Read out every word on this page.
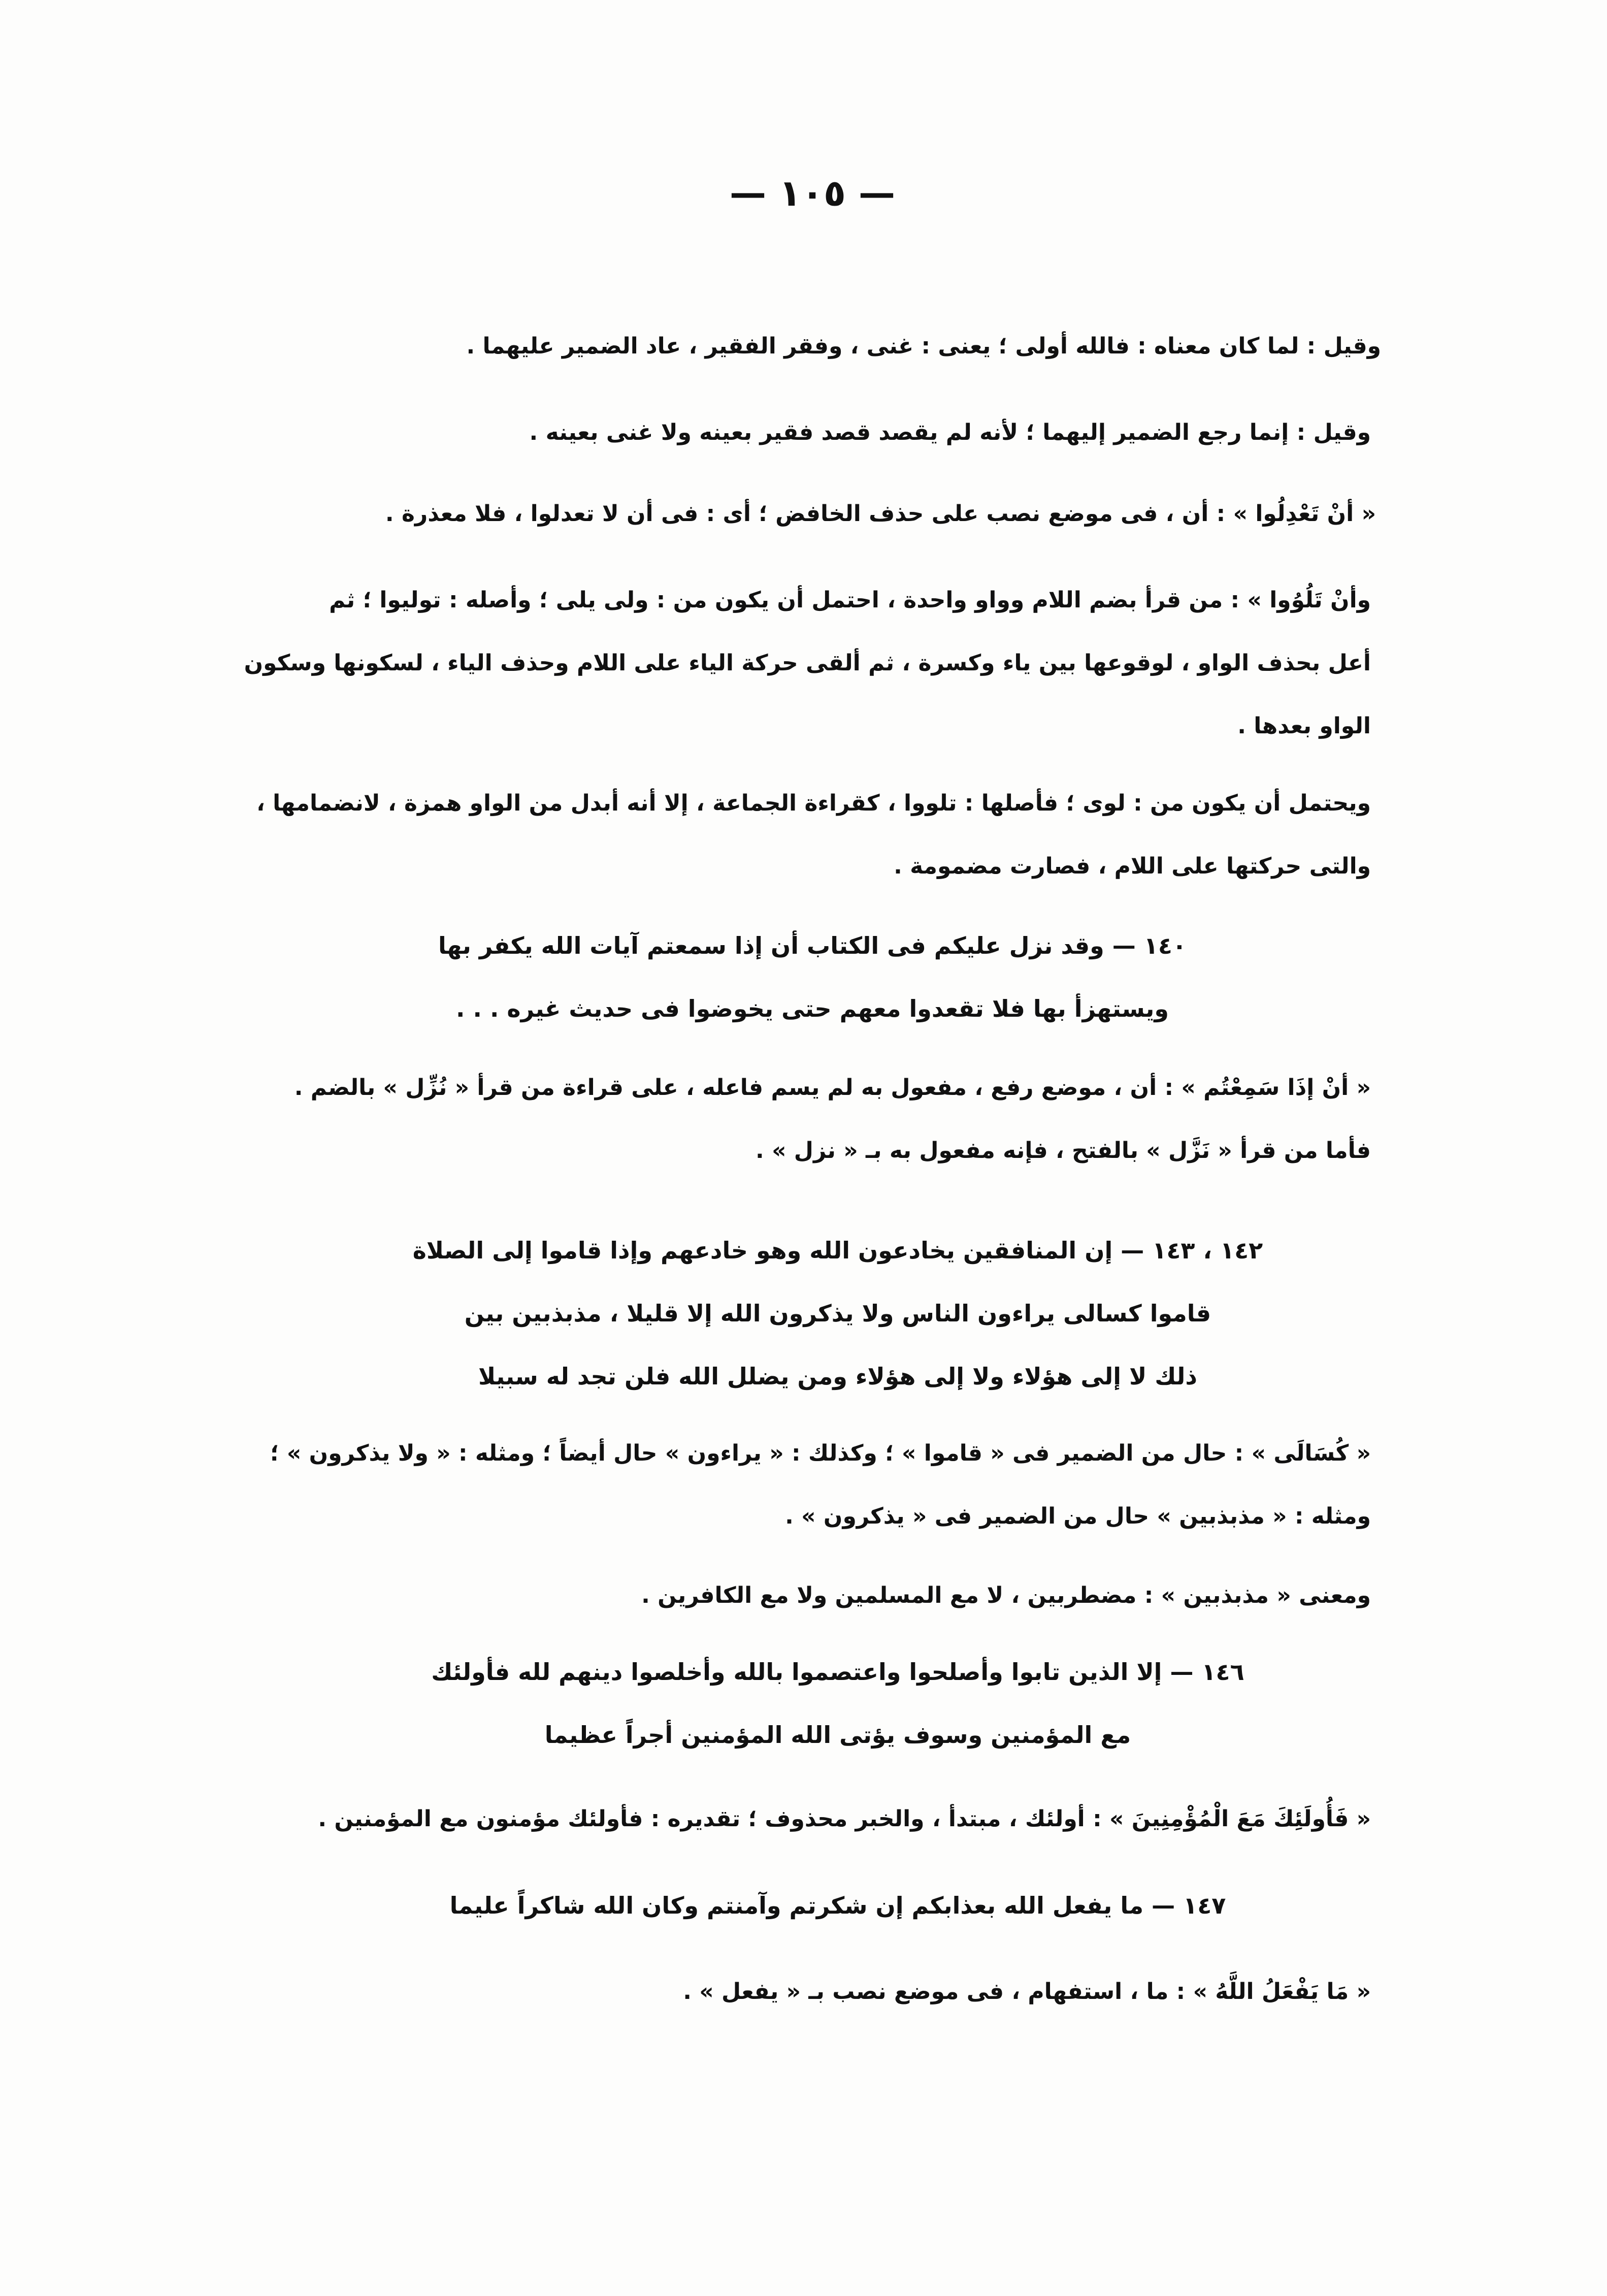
— ١٠٥ —
وقيل : لما كان معناه : فالله أولى ؛ يعنى : غنى ، وفقر الفقير ، عاد الضمير عليهما .
وقيل : إنما رجع الضمير إليهما ؛ لأنه لم يقصد قصد فقير بعينه ولا غنى بعينه .
« أنْ تَعْدِلُوا » : أن ، فى موضع نصب على حذف الخافض ؛ أى : فى أن لا تعدلوا ، فلا معذرة .
وأنْ تَلُوُوا » : من قرأ بضم اللام وواو واحدة ، احتمل أن يكون من : ولى يلى ؛ وأصله : توليوا ؛ ثم
أعل بحذف الواو ، لوقوعها بين ياء وكسرة ، ثم ألقى حركة الياء على اللام وحذف الياء ، لسكونها وسكون
الواو بعدها .
ويحتمل أن يكون من : لوى ؛ فأصلها : تلووا ، كقراءة الجماعة ، إلا أنه أبدل من الواو همزة ، لانضمامها ،
والتى حركتها على اللام ، فصارت مضمومة .
١٤٠ — وقد نزل عليكم فى الكتاب أن إذا سمعتم آيات الله يكفر بها
ويستهزأ بها فلا تقعدوا معهم حتى يخوضوا فى حديث غيره . . .
« أنْ إذَا سَمِعْتُم » : أن ، موضع رفع ، مفعول به لم يسم فاعله ، على قراءة من قرأ « نُزِّل » بالضم .
فأما من قرأ « نَزَّل » بالفتح ، فإنه مفعول به بـ « نزل » .
١٤٢ ، ١٤٣ — إن المنافقين يخادعون الله وهو خادعهم وإذا قاموا إلى الصلاة
قاموا كسالى يراءون الناس ولا يذكرون الله إلا قليلا ، مذبذبين بين
ذلك لا إلى هؤلاء ولا إلى هؤلاء ومن يضلل الله فلن تجد له سبيلا
« كُسَالَى » : حال من الضمير فى « قاموا » ؛ وكذلك : « يراءون » حال أيضاً ؛ ومثله : « ولا يذكرون » ؛
ومثله : « مذبذبين » حال من الضمير فى « يذكرون » .
ومعنى « مذبذبين » : مضطربين ، لا مع المسلمين ولا مع الكافرين .
١٤٦ — إلا الذين تابوا وأصلحوا واعتصموا بالله وأخلصوا دينهم لله فأولئك
مع المؤمنين وسوف يؤتى الله المؤمنين أجراً عظيما
« فَأُولَئِكَ مَعَ الْمُؤْمِنِينَ » : أولئك ، مبتدأ ، والخبر محذوف ؛ تقديره : فأولئك مؤمنون مع المؤمنين .
١٤٧ — ما يفعل الله بعذابكم إن شكرتم وآمنتم وكان الله شاكراً عليما
« مَا يَفْعَلُ اللَّهُ » : ما ، استفهام ، فى موضع نصب بـ « يفعل » .
